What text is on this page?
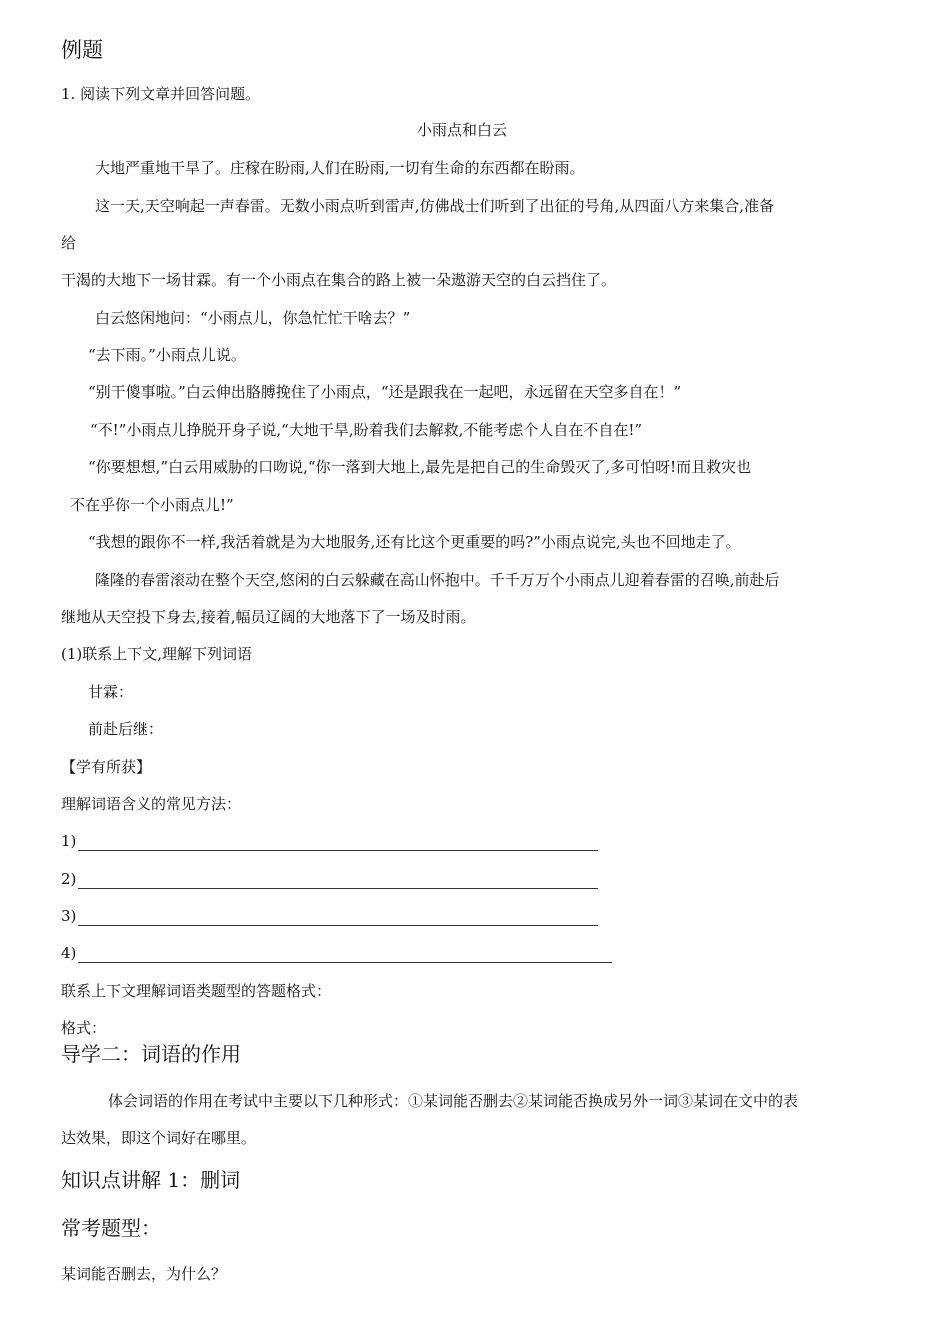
例题
1. 阅读下列文章并回答问题。
小雨点和白云
大地严重地干旱了。庄稼在盼雨,人们在盼雨,一切有生命的东西都在盼雨。
这一天,天空响起一声春雷。无数小雨点听到雷声,仿佛战士们听到了出征的号角,从四面八方来集合,准备
给
干渴的大地下一场甘霖。有一个小雨点在集合的路上被一朵遨游天空的白云挡住了。
白云悠闲地问：“小雨点儿，你急忙忙干啥去？”
“去下雨。”小雨点儿说。
“别干傻事啦。”白云伸出胳膊挽住了小雨点，“还是跟我在一起吧，永远留在天空多自在！”
“不!”小雨点儿挣脱开身子说,“大地干旱,盼着我们去解救,不能考虑个人自在不自在!”
“你要想想,”白云用威胁的口吻说,“你一落到大地上,最先是把自己的生命毁灭了,多可怕呀!而且救灾也
不在乎你一个小雨点儿!”
“我想的跟你不一样,我活着就是为大地服务,还有比这个更重要的吗?”小雨点说完,头也不回地走了。
隆隆的春雷滚动在整个天空,悠闲的白云躲藏在高山怀抱中。千千万万个小雨点儿迎着春雷的召唤,前赴后
继地从天空投下身去,接着,幅员辽阔的大地落下了一场及时雨。
(1)联系上下文,理解下列词语
甘霖：
前赴后继：
【学有所获】
理解词语含义的常见方法：
1)
2)
3)
4)
联系上下文理解词语类题型的答题格式：
格式：
导学二：词语的作用
体会词语的作用在考试中主要以下几种形式：①某词能否删去②某词能否换成另外一词③某词在文中的表
达效果，即这个词好在哪里。
知识点讲解 1：删词
常考题型：
某词能否删去，为什么？
